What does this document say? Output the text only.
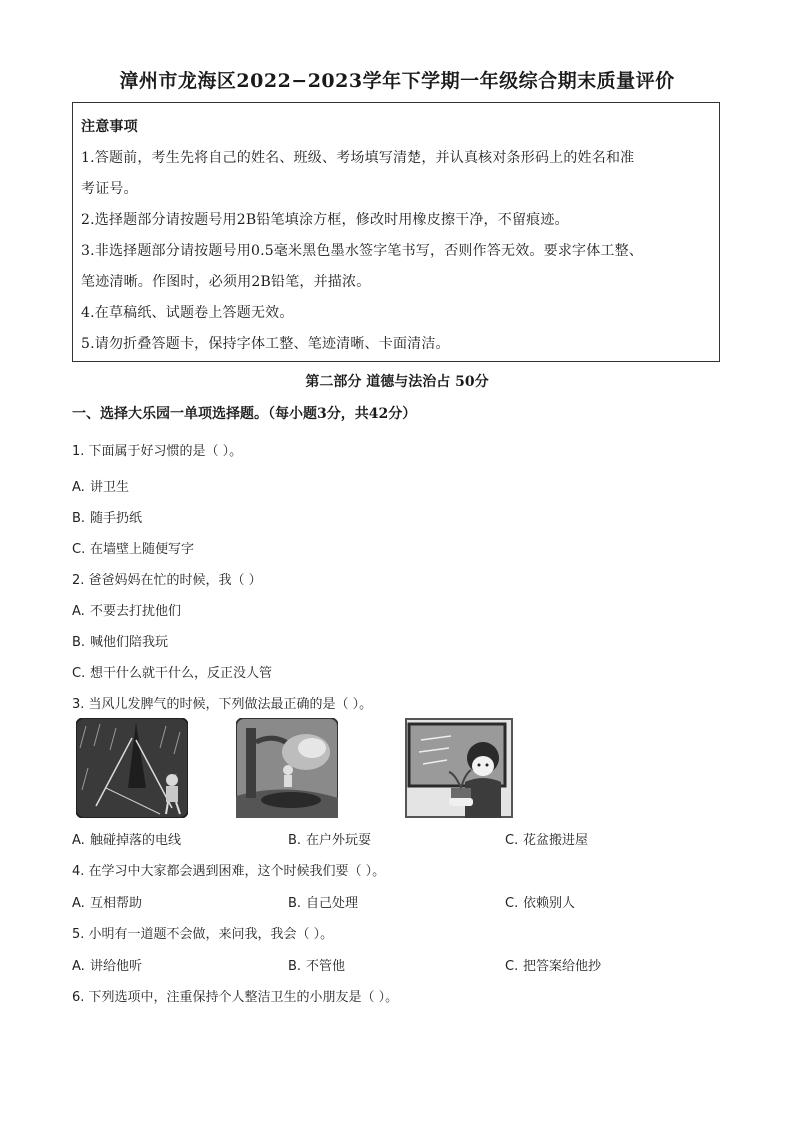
漳州市龙海区2022−2023学年下学期一年级综合期末质量评价
注意事项
1.答题前，考生先将自己的姓名、班级、考场填写清楚，并认真核对条形码上的姓名和准
考证号。
2.选择题部分请按题号用2B铅笔填涂方框，修改时用橡皮擦干净，不留痕迹。
3.非选择题部分请按题号用0.5毫米黑色墨水签字笔书写，否则作答无效。要求字体工整、
笔迹清晰。作图时，必须用2B铅笔，并描浓。
4.在草稿纸、试题卷上答题无效。
5.请勿折叠答题卡，保持字体工整、笔迹清晰、卡面清洁。
第二部分 道德与法治占 50分
一、选择大乐园一单项选择题。（每小题3分，共42分）
1. 下面属于好习惯的是（ ）。
A. 讲卫生
B. 随手扔纸
C. 在墙壁上随便写字
2. 爸爸妈妈在忙的时候，我（ ）
A. 不要去打扰他们
B. 喊他们陪我玩
C. 想干什么就干什么，反正没人管
3. 当风儿发脾气的时候，下列做法最正确的是（ ）。
A. 触碰掉落的电线	B. 在户外玩耍	C. 花盆搬进屋
4. 在学习中大家都会遇到困难，这个时候我们要（ ）。
A. 互相帮助	B. 自己处理	C. 依赖别人
5. 小明有一道题不会做，来问我，我会（ ）。
A. 讲给他听	B. 不管他	C. 把答案给他抄
6. 下列选项中，注重保持个人整洁卫生的小朋友是（ ）。
